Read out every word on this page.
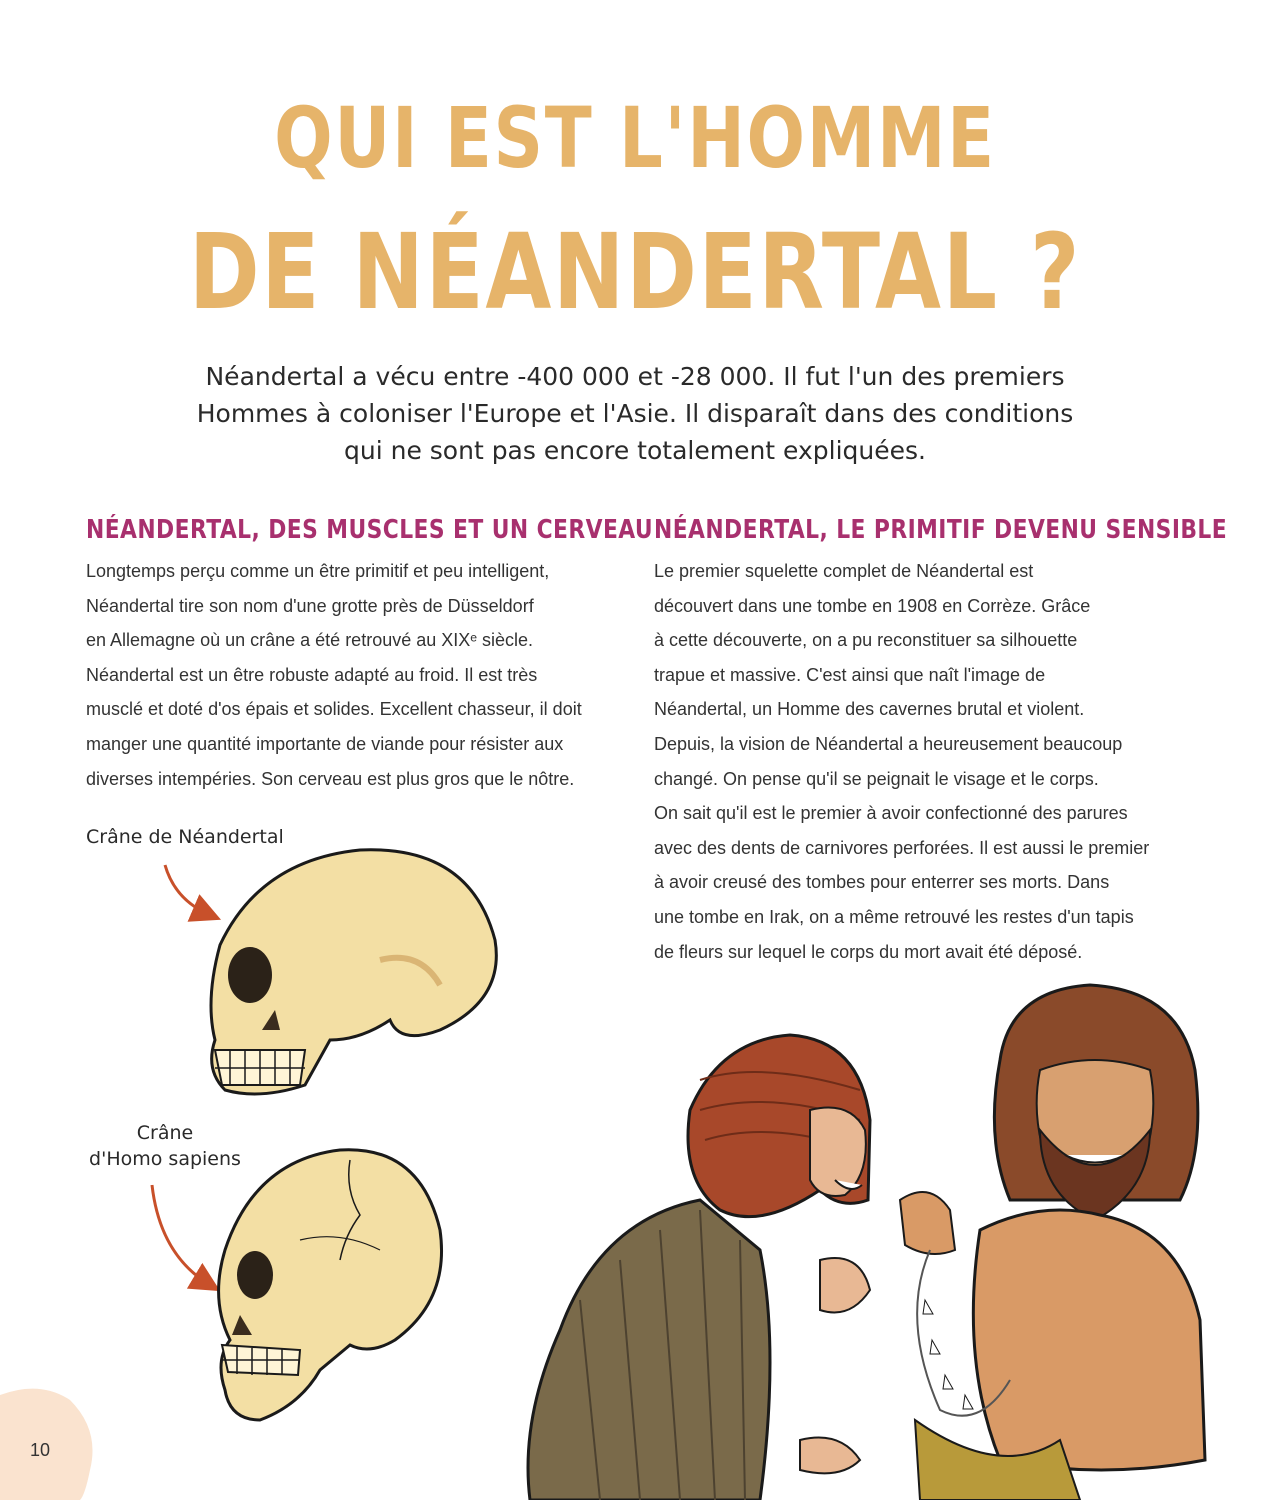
QUI EST L'HOMME
DE NÉANDERTAL ?
Néandertal a vécu entre -400 000 et -28 000. Il fut l'un des premiers
Hommes à coloniser l'Europe et l'Asie. Il disparaît dans des conditions
qui ne sont pas encore totalement expliquées.
NÉANDERTAL, DES MUSCLES ET UN CERVEAU

Longtemps perçu comme un être primitif et peu intelligent,
Néandertal tire son nom d'une grotte près de Düsseldorf
en Allemagne où un crâne a été retrouvé au XIXᵉ siècle.
Néandertal est un être robuste adapté au froid. Il est très
musclé et doté d'os épais et solides. Excellent chasseur, il doit
manger une quantité importante de viande pour résister aux
diverses intempéries. Son cerveau est plus gros que le nôtre.

NÉANDERTAL, LE PRIMITIF DEVENU SENSIBLE

Le premier squelette complet de Néandertal est
découvert dans une tombe en 1908 en Corrèze. Grâce
à cette découverte, on a pu reconstituer sa silhouette
trapue et massive. C'est ainsi que naît l'image de
Néandertal, un Homme des cavernes brutal et violent.
Depuis, la vision de Néandertal a heureusement beaucoup
changé. On pense qu'il se peignait le visage et le corps.
On sait qu'il est le premier à avoir confectionné des parures
avec des dents de carnivores perforées. Il est aussi le premier
à avoir creusé des tombes pour enterrer ses morts. Dans
une tombe en Irak, on a même retrouvé les restes d'un tapis
de fleurs sur lequel le corps du mort avait été déposé.

Crâne de Néandertal
Crâne
d'Homo sapiens
10
